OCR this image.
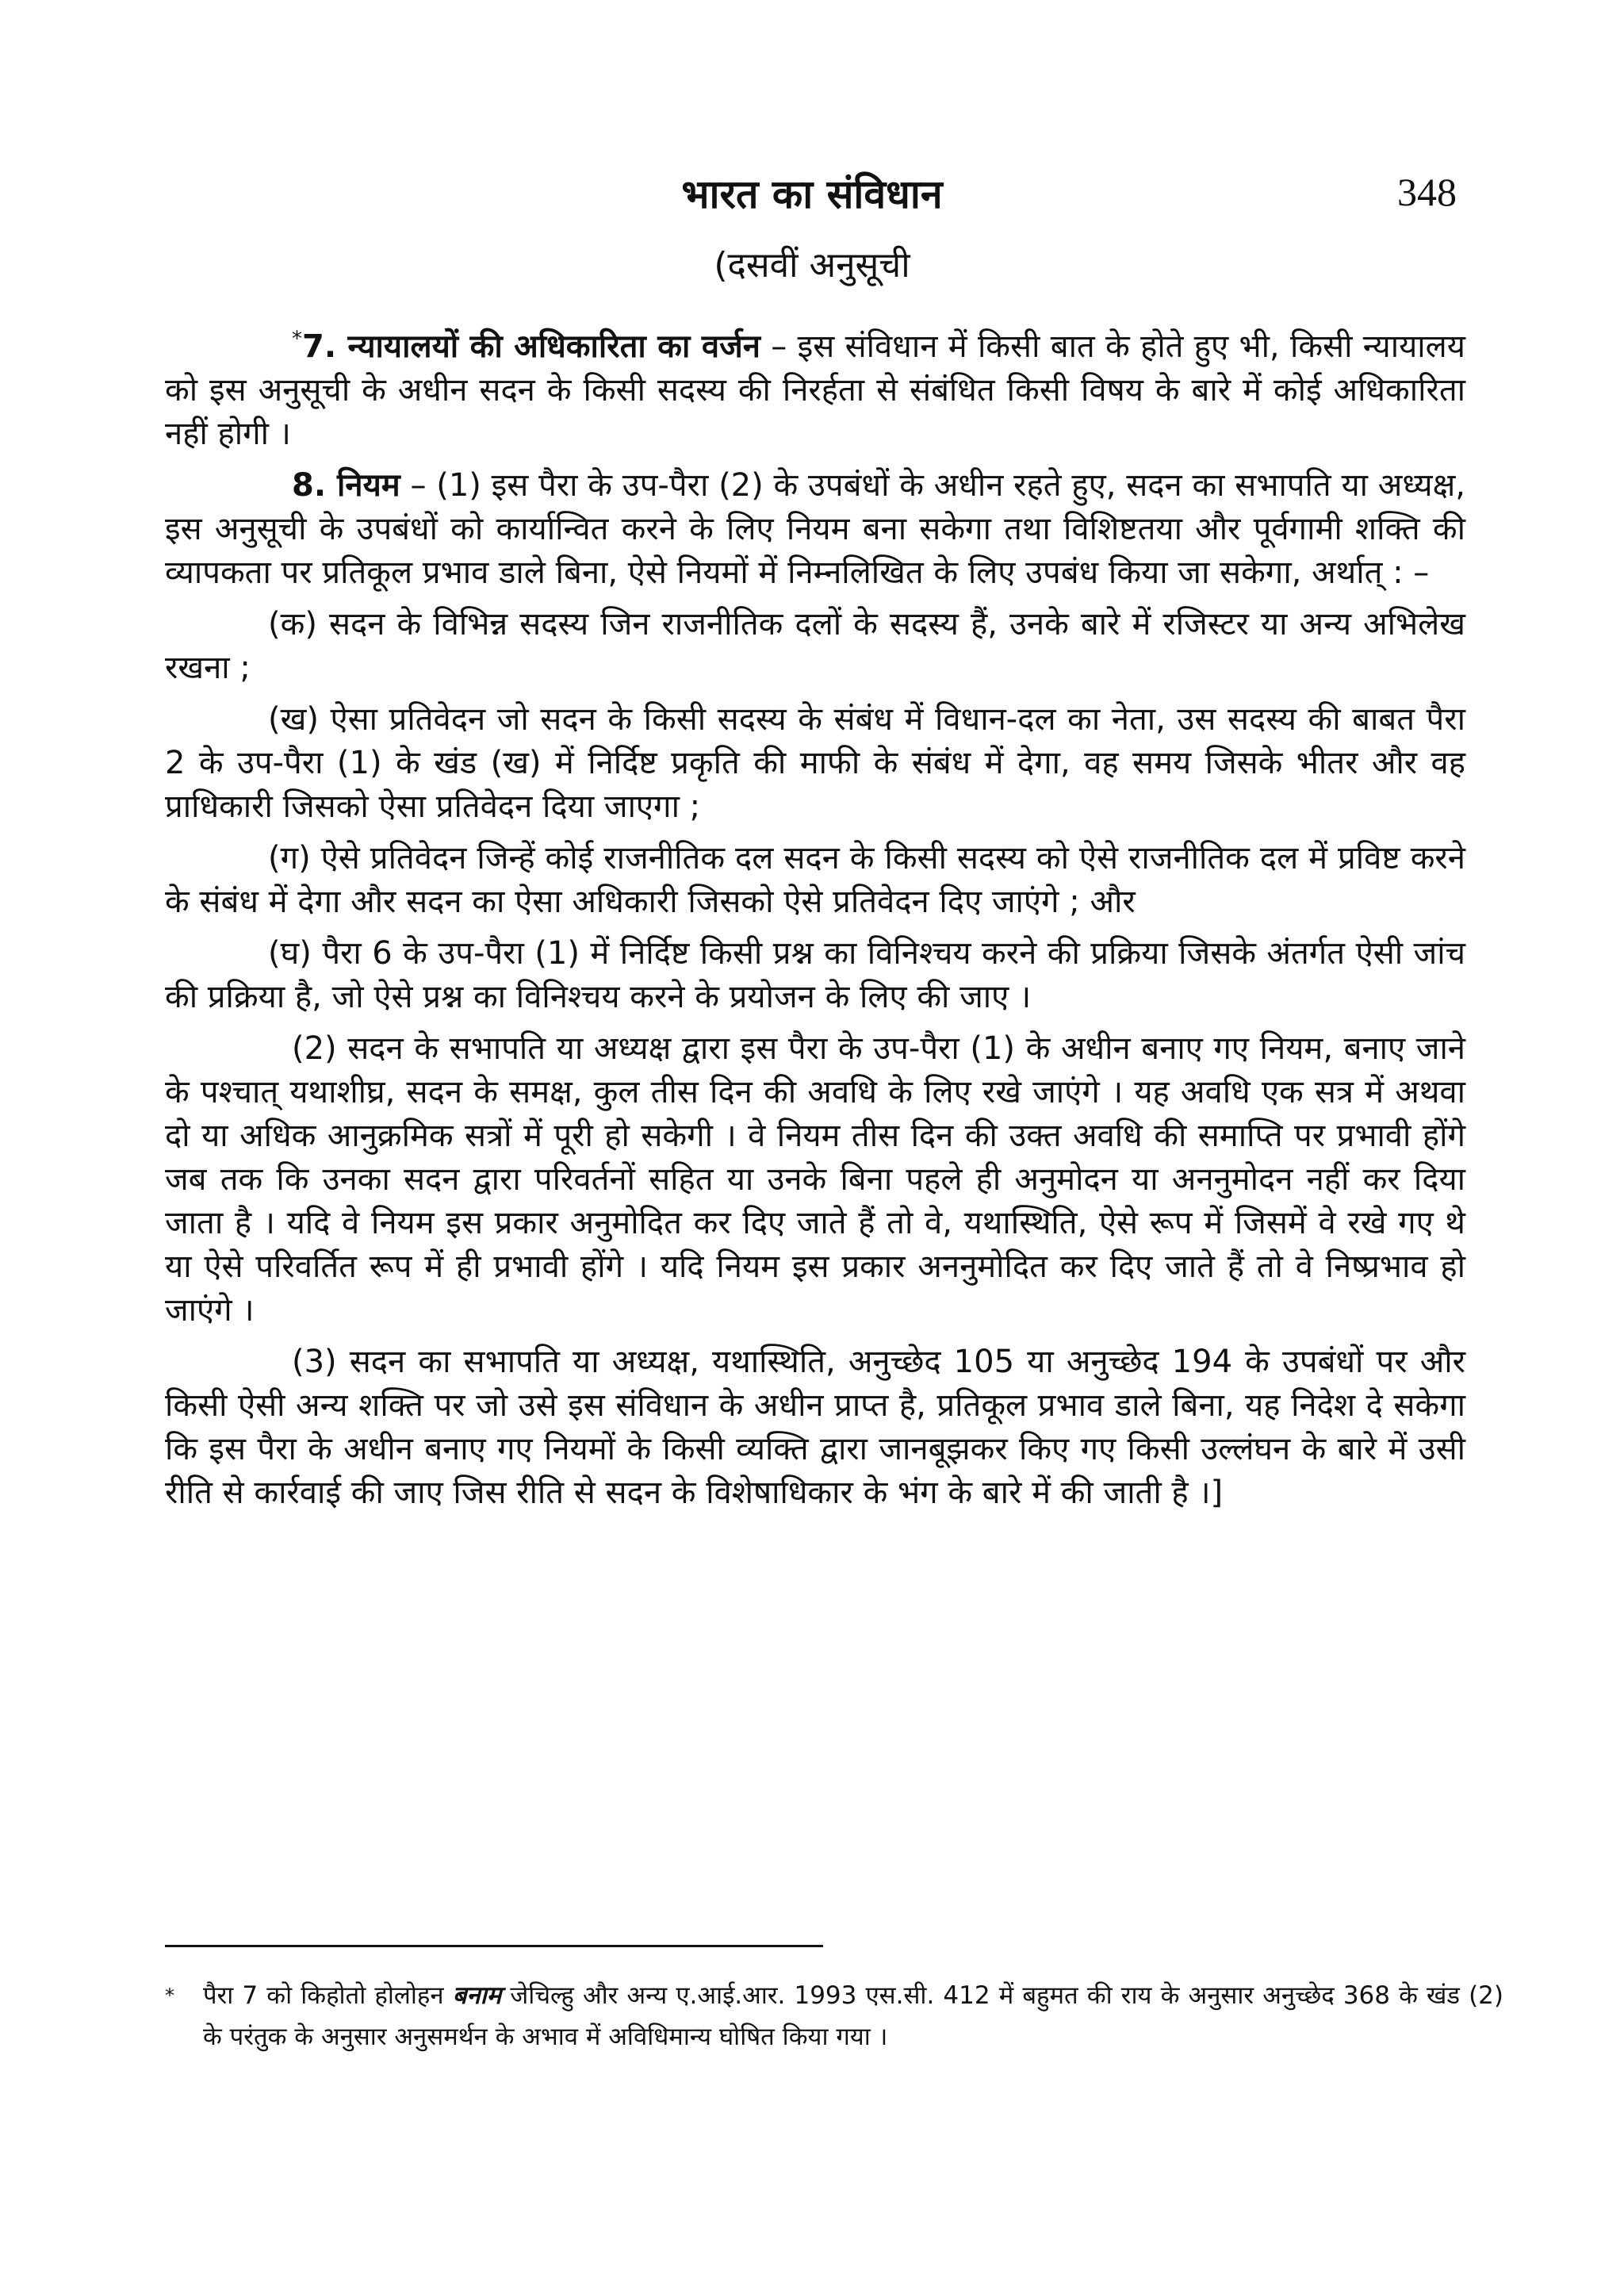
348
भारत का संविधान
(दसवीं अनुसूची

*7. न्यायालयों की अधिकारिता का वर्जन – इस संविधान में किसी बात के होते हुए भी, किसी न्यायालय को इस अनुसूची के अधीन सदन के किसी सदस्य की निरर्हता से संबंधित किसी विषय के बारे में कोई अधिकारिता नहीं होगी ।

8. नियम – (1) इस पैरा के उप-पैरा (2) के उपबंधों के अधीन रहते हुए, सदन का सभापति या अध्यक्ष, इस अनुसूची के उपबंधों को कार्यान्वित करने के लिए नियम बना सकेगा तथा विशिष्टतया और पूर्वगामी शक्ति की व्यापकता पर प्रतिकूल प्रभाव डाले बिना, ऐसे नियमों में निम्नलिखित के लिए उपबंध किया जा सकेगा, अर्थात् : –

(क) सदन के विभिन्न सदस्य जिन राजनीतिक दलों के सदस्य हैं, उनके बारे में रजिस्टर या अन्य अभिलेख रखना ;

(ख) ऐसा प्रतिवेदन जो सदन के किसी सदस्य के संबंध में विधान-दल का नेता, उस सदस्य की बाबत पैरा 2 के उप-पैरा (1) के खंड (ख) में निर्दिष्ट प्रकृति की माफी के संबंध में देगा, वह समय जिसके भीतर और वह प्राधिकारी जिसको ऐसा प्रतिवेदन दिया जाएगा ;

(ग) ऐसे प्रतिवेदन जिन्हें कोई राजनीतिक दल सदन के किसी सदस्य को ऐसे राजनीतिक दल में प्रविष्ट करने के संबंध में देगा और सदन का ऐसा अधिकारी जिसको ऐसे प्रतिवेदन दिए जाएंगे ; और

(घ) पैरा 6 के उप-पैरा (1) में निर्दिष्ट किसी प्रश्न का विनिश्चय करने की प्रक्रिया जिसके अंतर्गत ऐसी जांच की प्रक्रिया है, जो ऐसे प्रश्न का विनिश्चय करने के प्रयोजन के लिए की जाए ।

(2) सदन के सभापति या अध्यक्ष द्वारा इस पैरा के उप-पैरा (1) के अधीन बनाए गए नियम, बनाए जाने के पश्चात् यथाशीघ्र, सदन के समक्ष, कुल तीस दिन की अवधि के लिए रखे जाएंगे । यह अवधि एक सत्र में अथवा दो या अधिक आनुक्रमिक सत्रों में पूरी हो सकेगी । वे नियम तीस दिन की उक्त अवधि की समाप्ति पर प्रभावी होंगे जब तक कि उनका सदन द्वारा परिवर्तनों सहित या उनके बिना पहले ही अनुमोदन या अननुमोदन नहीं कर दिया जाता है । यदि वे नियम इस प्रकार अनुमोदित कर दिए जाते हैं तो वे, यथास्थिति, ऐसे रूप में जिसमें वे रखे गए थे या ऐसे परिवर्तित रूप में ही प्रभावी होंगे । यदि नियम इस प्रकार अननुमोदित कर दिए जाते हैं तो वे निष्प्रभाव हो जाएंगे ।

(3) सदन का सभापति या अध्यक्ष, यथास्थिति, अनुच्छेद 105 या अनुच्छेद 194 के उपबंधों पर और किसी ऐसी अन्य शक्ति पर जो उसे इस संविधान के अधीन प्राप्त है, प्रतिकूल प्रभाव डाले बिना, यह निदेश दे सकेगा कि इस पैरा के अधीन बनाए गए नियमों के किसी व्यक्ति द्वारा जानबूझकर किए गए किसी उल्लंघन के बारे में उसी रीति से कार्रवाई की जाए जिस रीति से सदन के विशेषाधिकार के भंग के बारे में की जाती है ।]

* पैरा 7 को किहोतो होलोहन बनाम जेचिल्हु और अन्य ए.आई.आर. 1993 एस.सी. 412 में बहुमत की राय के अनुसार अनुच्छेद 368 के खंड (2) के परंतुक के अनुसार अनुसमर्थन के अभाव में अविधिमान्य घोषित किया गया ।
